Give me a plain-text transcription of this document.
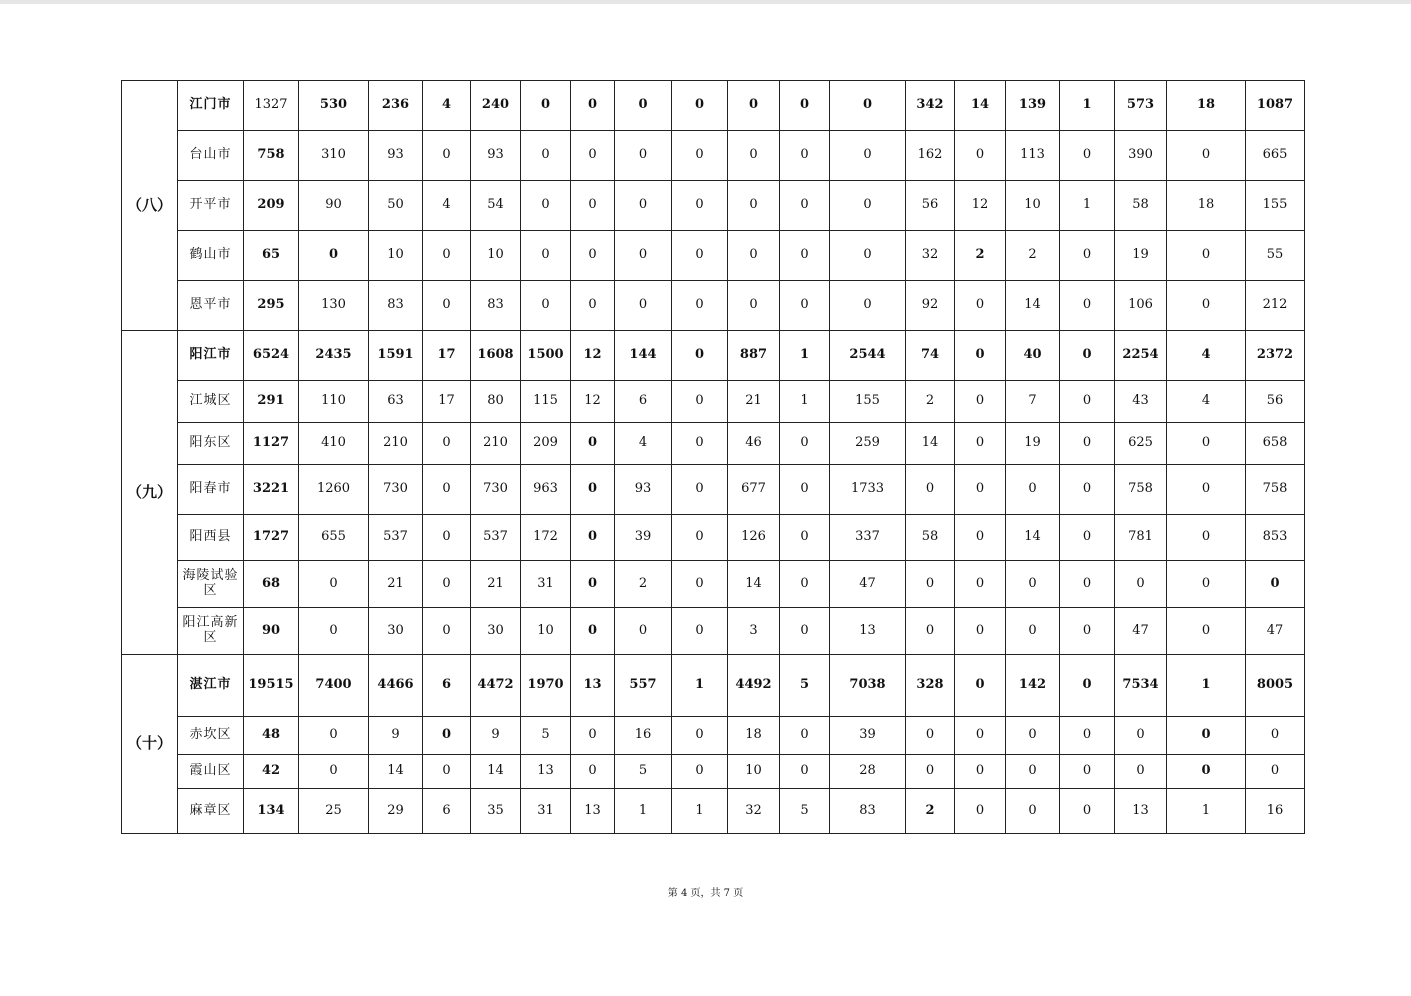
（八）	江门市	1327	530	236	4	240	0	0	0	0	0	0	0	342	14	139	1	573	18	1087
	台山市	758	310	93	0	93	0	0	0	0	0	0	0	162	0	113	0	390	0	665
	开平市	209	90	50	4	54	0	0	0	0	0	0	0	56	12	10	1	58	18	155
	鹤山市	65	0	10	0	10	0	0	0	0	0	0	0	32	2	2	0	19	0	55
	恩平市	295	130	83	0	83	0	0	0	0	0	0	0	92	0	14	0	106	0	212
（九）	阳江市	6524	2435	1591	17	1608	1500	12	144	0	887	1	2544	74	0	40	0	2254	4	2372
	江城区	291	110	63	17	80	115	12	6	0	21	1	155	2	0	7	0	43	4	56
	阳东区	1127	410	210	0	210	209	0	4	0	46	0	259	14	0	19	0	625	0	658
	阳春市	3221	1260	730	0	730	963	0	93	0	677	0	1733	0	0	0	0	758	0	758
	阳西县	1727	655	537	0	537	172	0	39	0	126	0	337	58	0	14	0	781	0	853
	海陵试验区	68	0	21	0	21	31	0	2	0	14	0	47	0	0	0	0	0	0	0
	阳江高新区	90	0	30	0	30	10	0	0	0	3	0	13	0	0	0	0	47	0	47
（十）	湛江市	19515	7400	4466	6	4472	1970	13	557	1	4492	5	7038	328	0	142	0	7534	1	8005
	赤坎区	48	0	9	0	9	5	0	16	0	18	0	39	0	0	0	0	0	0	0
	霞山区	42	0	14	0	14	13	0	5	0	10	0	28	0	0	0	0	0	0	0
	麻章区	134	25	29	6	35	31	13	1	1	32	5	83	2	0	0	0	13	1	16
第 4 页，共 7 页
